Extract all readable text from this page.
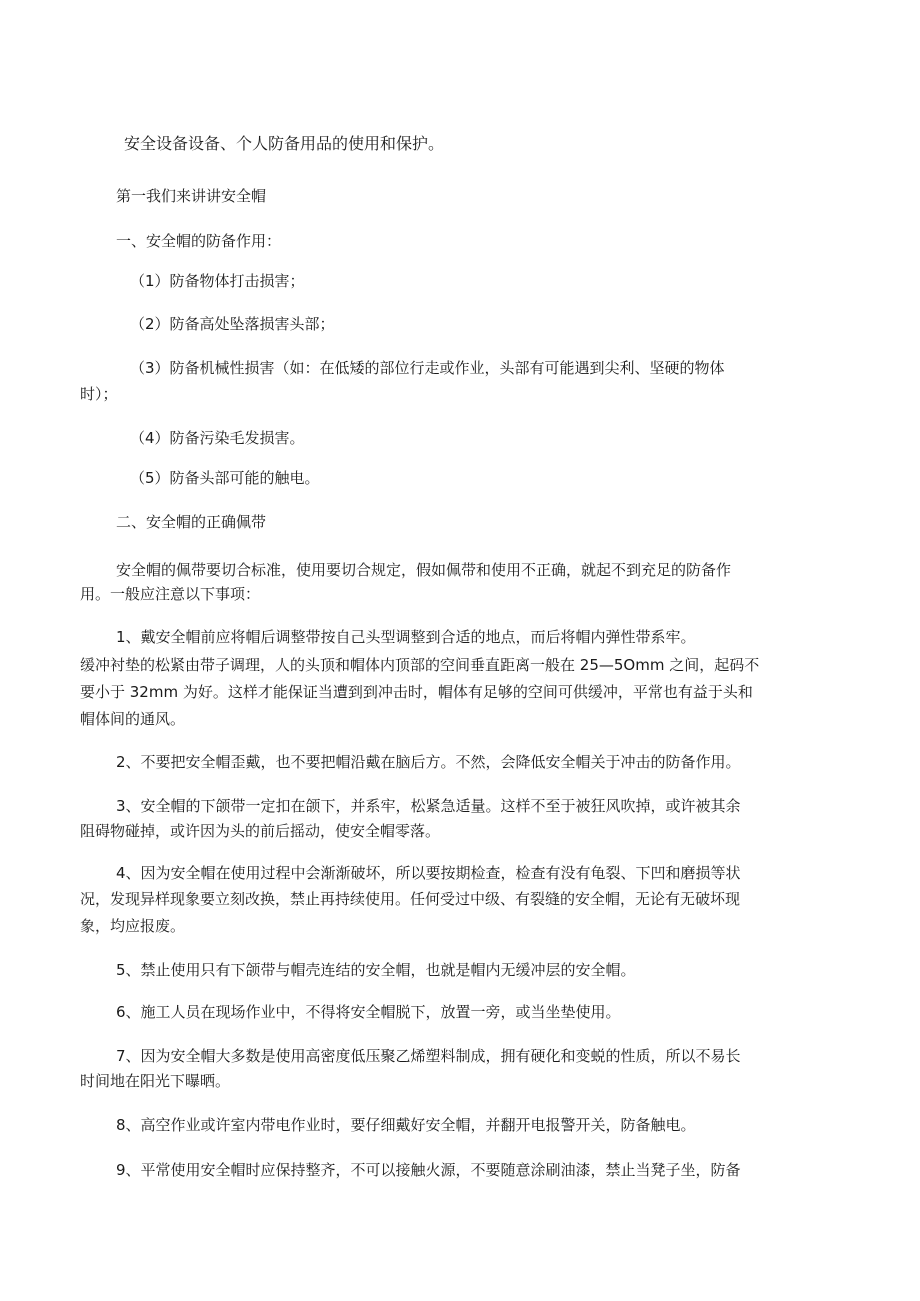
安全设备设备、个人防备用品的使用和保护。

第一我们来讲讲安全帽

一、安全帽的防备作用：

（1）防备物体打击损害；

（2）防备高处坠落损害头部；

（3）防备机械性损害（如：在低矮的部位行走或作业，头部有可能遇到尖利、坚硬的物体

时）；

（4）防备污染毛发损害。

（5）防备头部可能的触电。

二、安全帽的正确佩带

安全帽的佩带要切合标准，使用要切合规定，假如佩带和使用不正确，就起不到充足的防备作

用。一般应注意以下事项：

1、戴安全帽前应将帽后调整带按自己头型调整到合适的地点，而后将帽内弹性带系牢。

缓冲衬垫的松紧由带子调理，人的头顶和帽体内顶部的空间垂直距离一般在 25—5Omm 之间，起码不

要小于 32mm 为好。这样才能保证当遭到到冲击时，帽体有足够的空间可供缓冲，平常也有益于头和

帽体间的通风。

2、不要把安全帽歪戴，也不要把帽沿戴在脑后方。不然，会降低安全帽关于冲击的防备作用。

3、安全帽的下颌带一定扣在颌下，并系牢，松紧急适量。这样不至于被狂风吹掉，或许被其余

阻碍物碰掉，或许因为头的前后摇动，使安全帽零落。

4、因为安全帽在使用过程中会渐渐破坏，所以要按期检查，检查有没有龟裂、下凹和磨损等状

况，发现异样现象要立刻改换，禁止再持续使用。任何受过中级、有裂缝的安全帽，无论有无破坏现

象，均应报废。

5、禁止使用只有下颌带与帽壳连结的安全帽，也就是帽内无缓冲层的安全帽。

6、施工人员在现场作业中，不得将安全帽脱下，放置一旁，或当坐垫使用。

7、因为安全帽大多数是使用高密度低压聚乙烯塑料制成，拥有硬化和变蜕的性质，所以不易长

时间地在阳光下曝晒。

8、高空作业或许室内带电作业时，要仔细戴好安全帽，并翻开电报警开关，防备触电。

9、平常使用安全帽时应保持整齐，不可以接触火源，不要随意涂刷油漆，禁止当凳子坐，防备
